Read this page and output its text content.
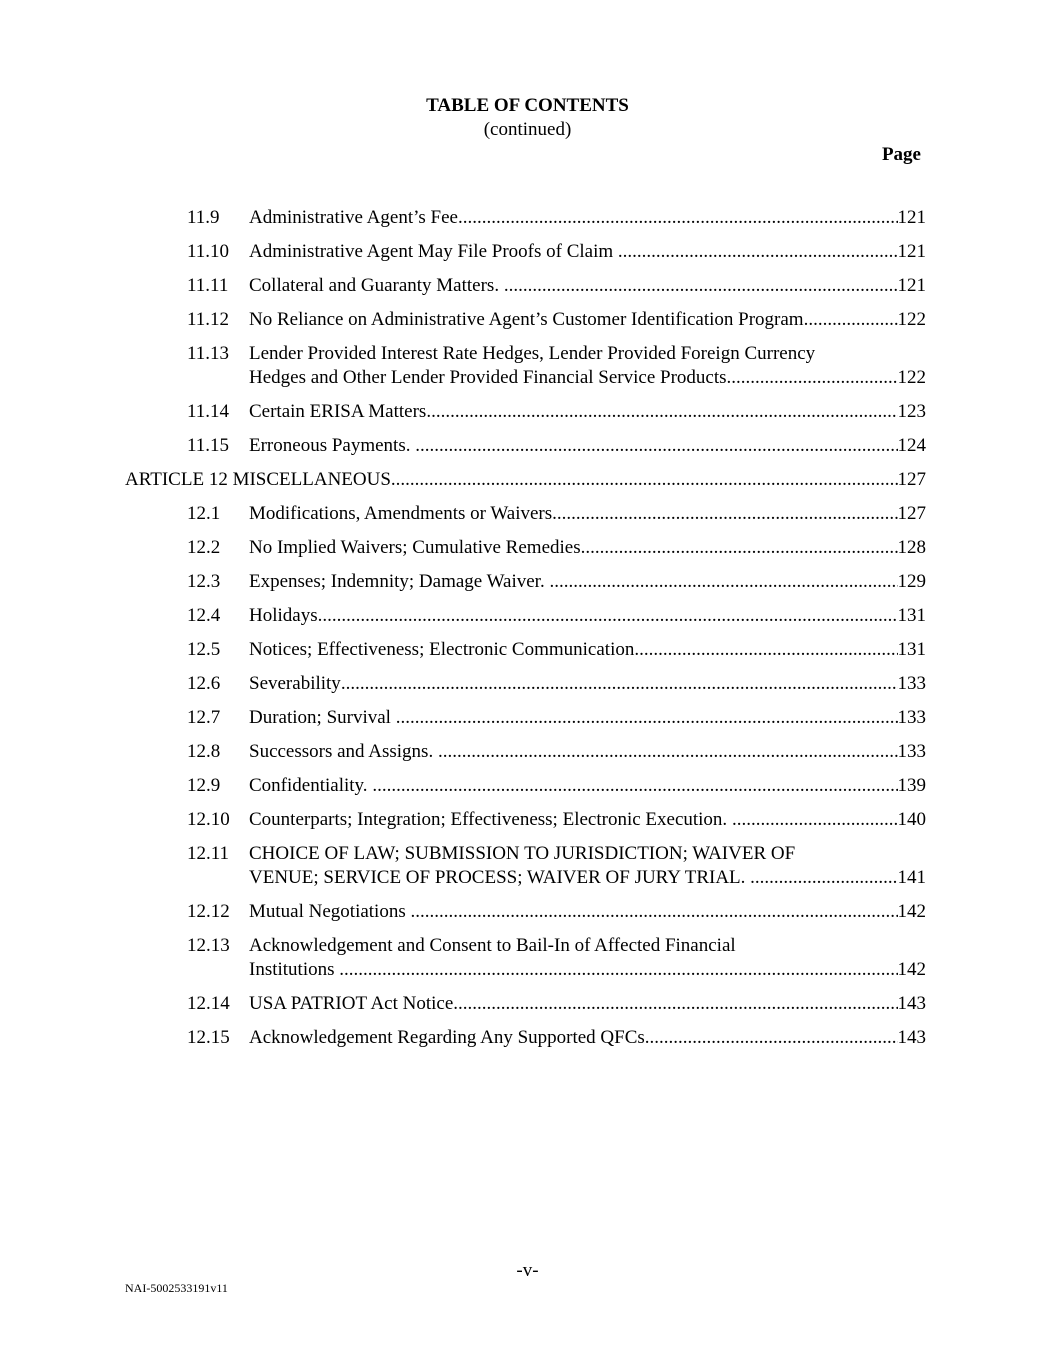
TABLE OF CONTENTS
(continued)
Page
11.9 Administrative Agent’s Fee .....	121
11.10 Administrative Agent May File Proofs of Claim .....	121
11.11 Collateral and Guaranty Matters. .....	121
11.12 No Reliance on Administrative Agent’s Customer Identification Program .....	122
11.13 Lender Provided Interest Rate Hedges, Lender Provided Foreign Currency
Hedges and Other Lender Provided Financial Service Products .....	122
11.14 Certain ERISA Matters .....	123
11.15 Erroneous Payments. .....	124
ARTICLE 12 MISCELLANEOUS .....	127
12.1 Modifications, Amendments or Waivers .....	127
12.2 No Implied Waivers; Cumulative Remedies .....	128
12.3 Expenses; Indemnity; Damage Waiver. .....	129
12.4 Holidays .....	131
12.5 Notices; Effectiveness; Electronic Communication .....	131
12.6 Severability .....	133
12.7 Duration; Survival .....	133
12.8 Successors and Assigns. .....	133
12.9 Confidentiality. .....	139
12.10 Counterparts; Integration; Effectiveness; Electronic Execution. .....	140
12.11 CHOICE OF LAW; SUBMISSION TO JURISDICTION; WAIVER OF
VENUE; SERVICE OF PROCESS; WAIVER OF JURY TRIAL. .....	141
12.12 Mutual Negotiations .....	142
12.13 Acknowledgement and Consent to Bail-In of Affected Financial
Institutions .....	142
12.14 USA PATRIOT Act Notice .....	143
12.15 Acknowledgement Regarding Any Supported QFCs .....	143
-v-
NAI-5002533191v11
